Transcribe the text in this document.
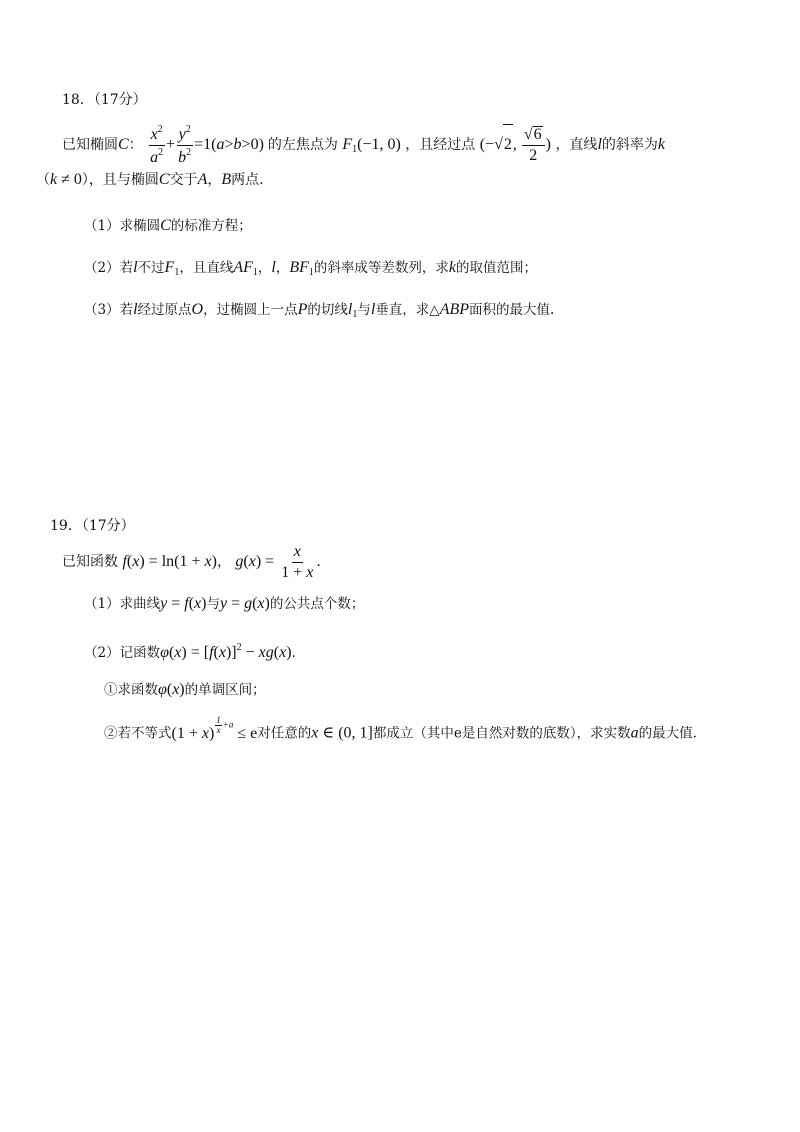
18．（17分）
已知椭圆C： $\frac{x^2}{a^2} + \frac{y^2}{b^2} =1(a>b>0)$ 的左焦点为 $F_1(-1$, 0) ，且经过点 (−√2, $\frac{√6}{2}$ ) ，直线l的斜率为k
（k ≠ 0），且与椭圆C交于A，B两点.
（1）求椭圆C的标准方程；
（2）若l不过$F_1$，且直线$AF_1$，l，$BF_1$的斜率成等差数列，求k的取值范围；
（3）若l经过原点O，过椭圆上一点P的切线$l_1$与l垂直，求△ABP面积的最大值.
19．（17分）
已知函数 f(x) = ln(1 + x)， $g(x) = \frac{x}{1 + x}$ .
（1）求曲线y = f(x)与y = g(x)的公共点个数；
（2）记函数$\varphi(x) = [f(x)]^2 - xg(x)$.
①求函数φ(x)的单调区间；
②若不等式$(1 + x) \frac{1}{x} +a \le e$对任意的x ∈ (0, 1]都成立（其中e是自然对数的底数），求实数a的最大值.
